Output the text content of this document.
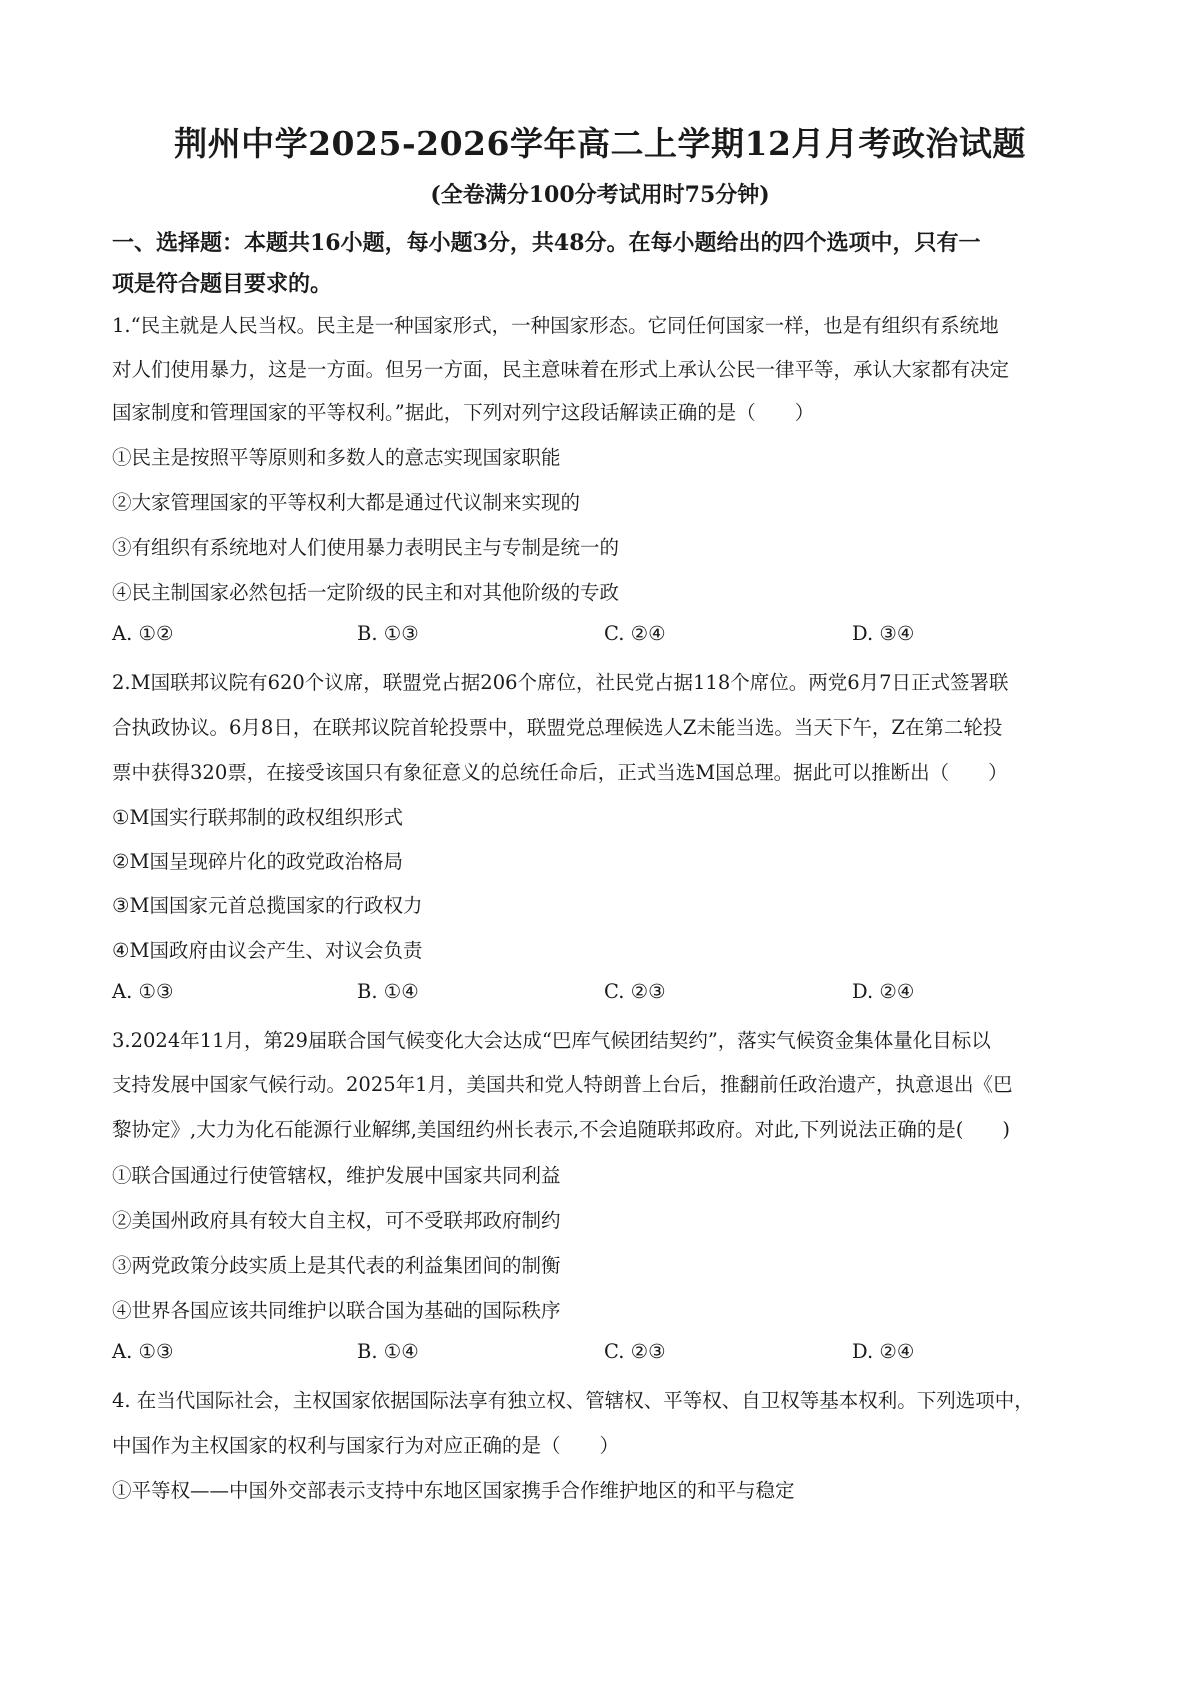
荆州中学2025-2026学年高二上学期12月月考政治试题
(全卷满分100分考试用时75分钟)
一、选择题：本题共16小题，每小题3分，共48分。在每小题给出的四个选项中，只有一
项是符合题目要求的。
1.“民主就是人民当权。民主是一种国家形式，一种国家形态。它同任何国家一样，也是有组织有系统地
对人们使用暴力，这是一方面。但另一方面，民主意味着在形式上承认公民一律平等，承认大家都有决定
国家制度和管理国家的平等权利。”据此，下列对列宁这段话解读正确的是（　　）
①民主是按照平等原则和多数人的意志实现国家职能
②大家管理国家的平等权利大都是通过代议制来实现的
③有组织有系统地对人们使用暴力表明民主与专制是统一的
④民主制国家必然包括一定阶级的民主和对其他阶级的专政
A. ①②	B. ①③	C. ②④	D. ③④
2.M国联邦议院有620个议席，联盟党占据206个席位，社民党占据118个席位。两党6月7日正式签署联
合执政协议。6月8日，在联邦议院首轮投票中，联盟党总理候选人Z未能当选。当天下午，Z在第二轮投
票中获得320票，在接受该国只有象征意义的总统任命后，正式当选M国总理。据此可以推断出（　　）
①M国实行联邦制的政权组织形式
②M国呈现碎片化的政党政治格局
③M国国家元首总揽国家的行政权力
④M国政府由议会产生、对议会负责
A. ①③	B. ①④	C. ②③	D. ②④
3.2024年11月，第29届联合国气候变化大会达成“巴库气候团结契约”，落实气候资金集体量化目标以
支持发展中国家气候行动。2025年1月，美国共和党人特朗普上台后，推翻前任政治遗产，执意退出《巴
黎协定》,大力为化石能源行业解绑,美国纽约州长表示,不会追随联邦政府。对此,下列说法正确的是(　　)
①联合国通过行使管辖权，维护发展中国家共同利益
②美国州政府具有较大自主权，可不受联邦政府制约
③两党政策分歧实质上是其代表的利益集团间的制衡
④世界各国应该共同维护以联合国为基础的国际秩序
A. ①③	B. ①④	C. ②③	D. ②④
4. 在当代国际社会，主权国家依据国际法享有独立权、管辖权、平等权、自卫权等基本权利。下列选项中，
中国作为主权国家的权利与国家行为对应正确的是（　　）
①平等权——中国外交部表示支持中东地区国家携手合作维护地区的和平与稳定
